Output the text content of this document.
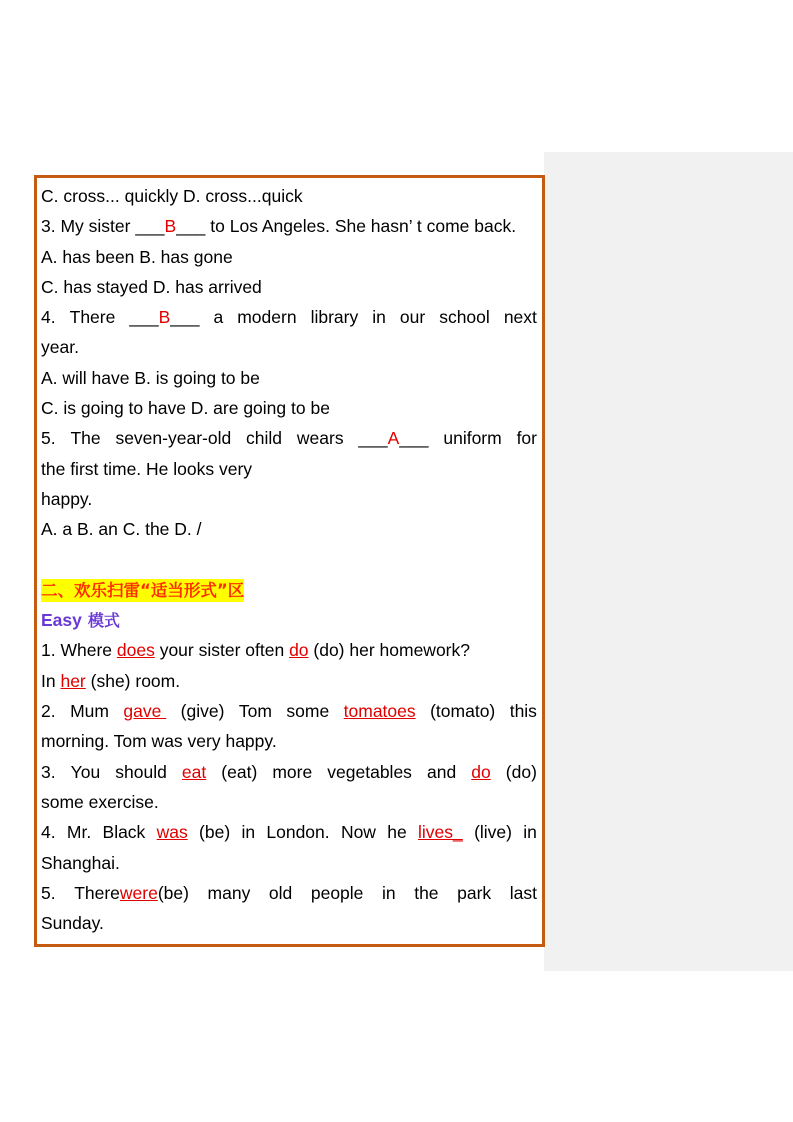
C. cross... quickly D. cross...quick
3. My sister ___B___ to Los Angeles. She hasn’ t come back.
A. has been B. has gone
C. has stayed D. has arrived
4. There ___B___ a modern library in our school next
year.
A. will have B. is going to be
C. is going to have D. are going to be
5. The seven-year-old child wears ___A___ uniform for
the first time. He looks very
happy.
A. a B. an C. the D. /
二、欢乐扫雷“适当形式”区
Easy 模式
1. Where does your sister often do (do) her homework?
In her (she) room.
2. Mum gave (give) Tom some tomatoes (tomato) this
morning. Tom was very happy.
3. You should eat (eat) more vegetables and do (do)
some exercise.
4. Mr. Black was (be) in London. Now he lives_ (live) in
Shanghai.
5. Therewere(be) many old people in the park last
Sunday.
